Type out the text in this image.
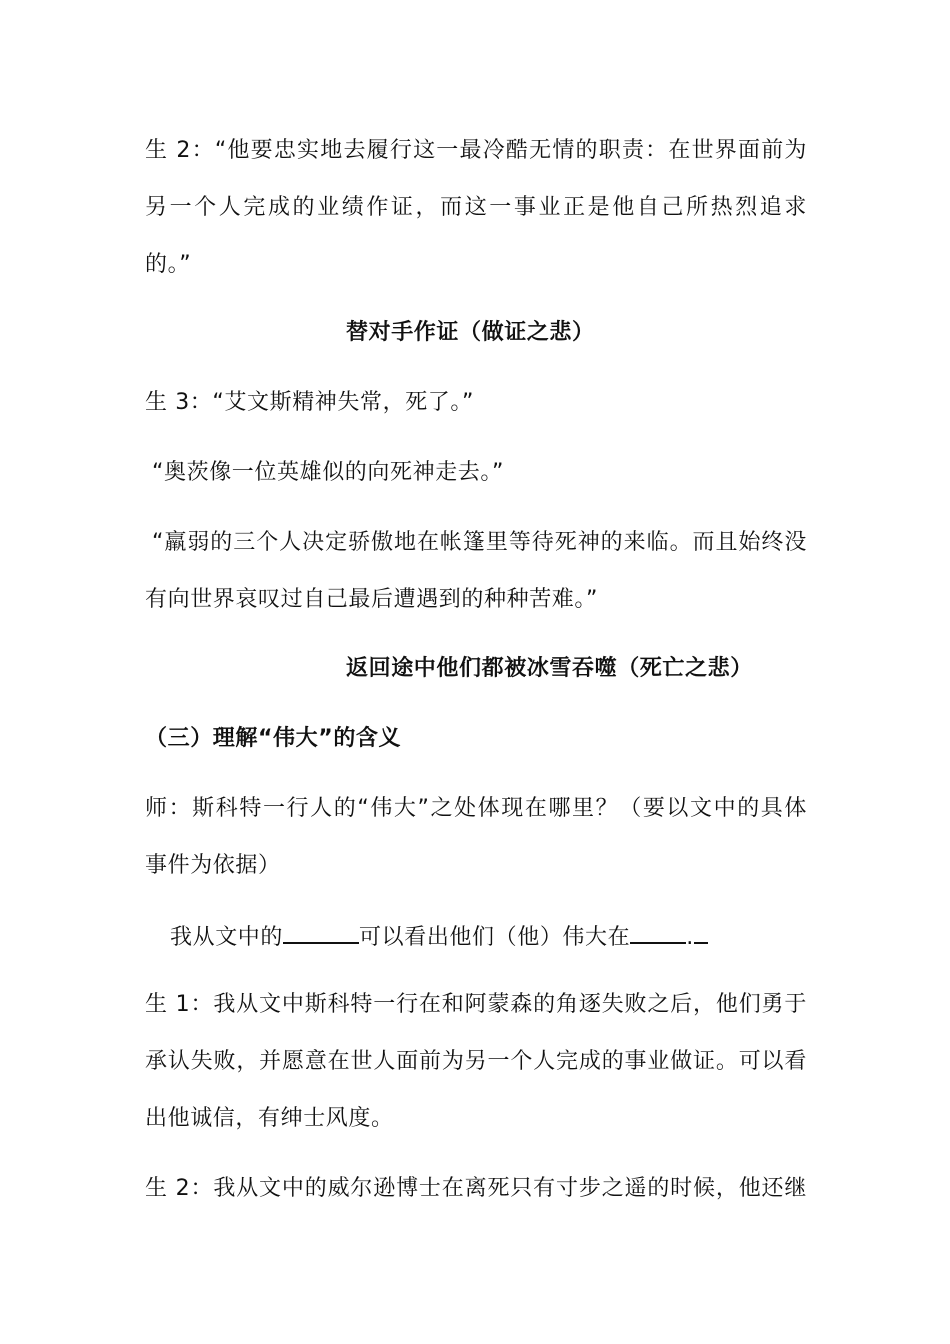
生 2：“他要忠实地去履行这一最冷酷无情的职责：在世界面前为
另一个人完成的业绩作证，而这一事业正是他自己所热烈追求
的。”
替对手作证（做证之悲）
生 3：“艾文斯精神失常，死了。”
“奥茨像一位英雄似的向死神走去。”
“羸弱的三个人决定骄傲地在帐篷里等待死神的来临。而且始终没
有向世界哀叹过自己最后遭遇到的种种苦难。”
返回途中他们都被冰雪吞噬（死亡之悲）
（三）理解“伟大”的含义
师：斯科特一行人的“伟大”之处体现在哪里？（要以文中的具体
事件为依据）
我从文中的	可以看出他们（他）伟大在	.
生 1：我从文中斯科特一行在和阿蒙森的角逐失败之后，他们勇于
承认失败，并愿意在世人面前为另一个人完成的事业做证。可以看
出他诚信，有绅士风度。
生 2：我从文中的威尔逊博士在离死只有寸步之遥的时候，他还继
